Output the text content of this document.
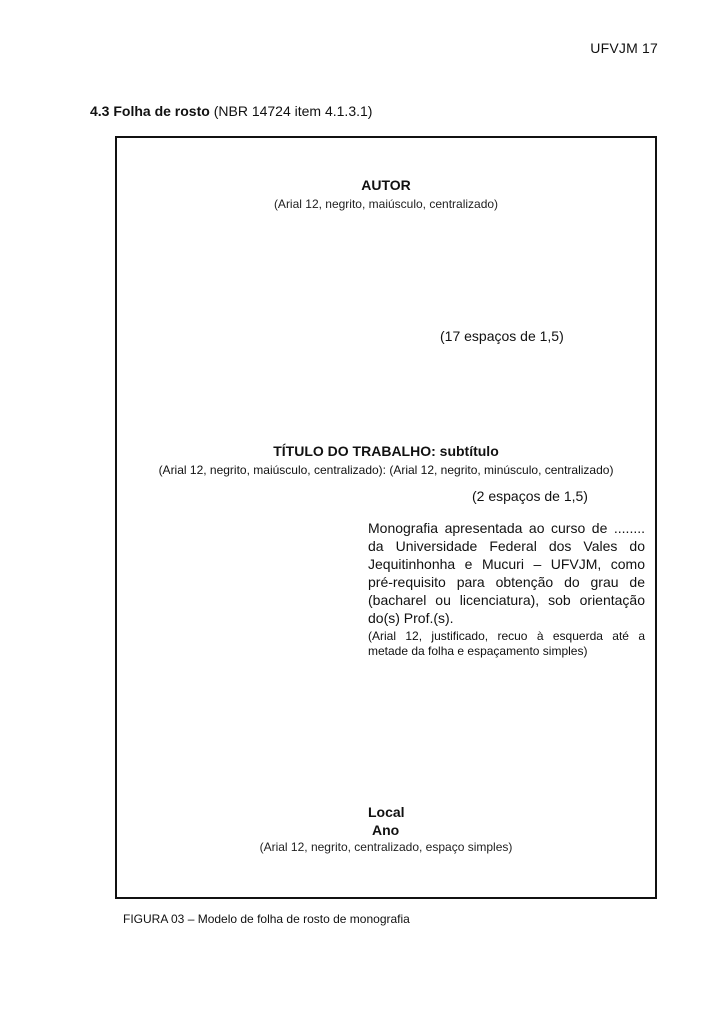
UFVJM 17
4.3 Folha de rosto (NBR 14724 item 4.1.3.1)
AUTOR
(Arial 12, negrito, maiúsculo, centralizado)
(17 espaços de 1,5)
TÍTULO DO TRABALHO: subtítulo
(Arial 12, negrito, maiúsculo, centralizado): (Arial 12, negrito, minúsculo, centralizado)
(2 espaços de 1,5)

Monografia apresentada ao curso de ........ da Universidade Federal dos Vales do Jequitinhonha e Mucuri – UFVJM, como pré-requisito para obtenção do grau de (bacharel ou licenciatura), sob orientação do(s) Prof.(s).

(Arial 12, justificado, recuo à esquerda até a metade da folha e espaçamento simples)

Local
Ano
(Arial 12, negrito, centralizado, espaço simples)
FIGURA 03 – Modelo de folha de rosto de monografia
